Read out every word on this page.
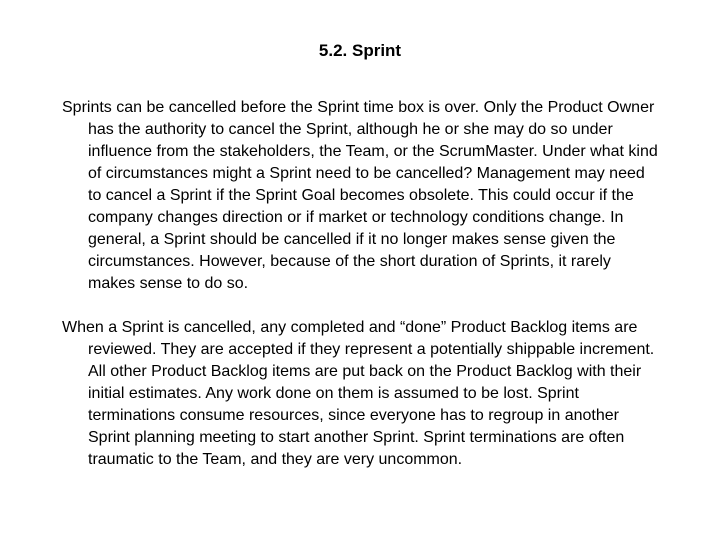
5.2. Sprint

Sprints can be cancelled before the Sprint time box is over. Only the Product Owner has the authority to cancel the Sprint, although he or she may do so under influence from the stakeholders, the Team, or the ScrumMaster. Under what kind of circumstances might a Sprint need to be cancelled? Management may need to cancel a Sprint if the Sprint Goal becomes obsolete. This could occur if the company changes direction or if market or technology conditions change. In general, a Sprint should be cancelled if it no longer makes sense given the circumstances. However, because of the short duration of Sprints, it rarely makes sense to do so.

When a Sprint is cancelled, any completed and “done” Product Backlog items are reviewed. They are accepted if they represent a potentially shippable increment. All other Product Backlog items are put back on the Product Backlog with their initial estimates. Any work done on them is assumed to be lost. Sprint terminations consume resources, since everyone has to regroup in another Sprint planning meeting to start another Sprint. Sprint terminations are often traumatic to the Team, and they are very uncommon.
